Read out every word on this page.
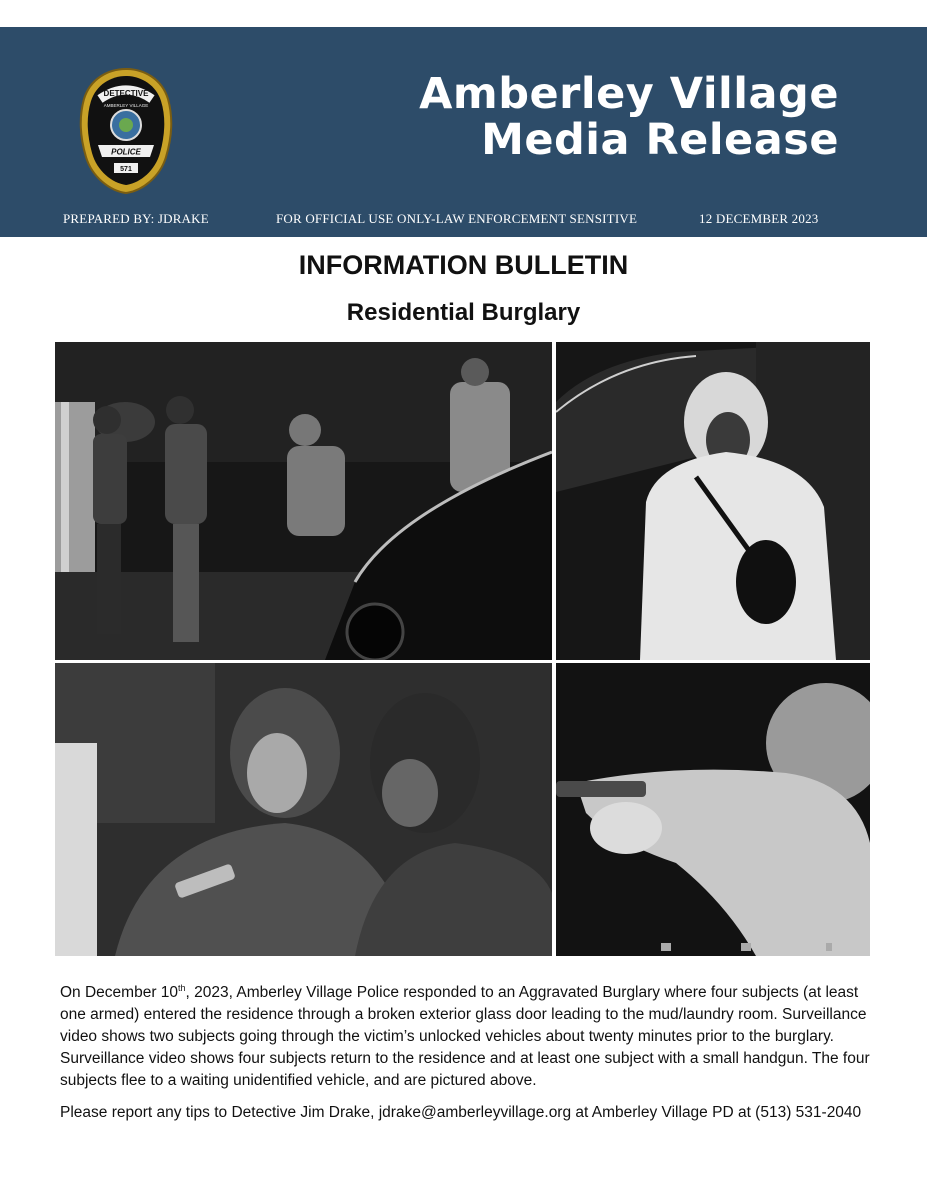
DETECTIVE
AMBERLEY VILLAGE
POLICE
571
Amberley Village
Media Release
PREPARED BY: JDRAKE	FOR OFFICIAL USE ONLY-LAW ENFORCEMENT SENSITIVE	12 DECEMBER 2023
INFORMATION BULLETIN
Residential Burglary
On December 10th, 2023, Amberley Village Police responded to an Aggravated Burglary where four subjects (at least one armed) entered the residence through a broken exterior glass door leading to the mud/laundry room. Surveillance video shows two subjects going through the victim’s unlocked vehicles about twenty minutes prior to the burglary. Surveillance video shows four subjects return to the residence and at least one subject with a small handgun. The four subjects flee to a waiting unidentified vehicle, and are pictured above.
Please report any tips to Detective Jim Drake, jdrake@amberleyvillage.org at Amberley Village PD at (513) 531-2040
